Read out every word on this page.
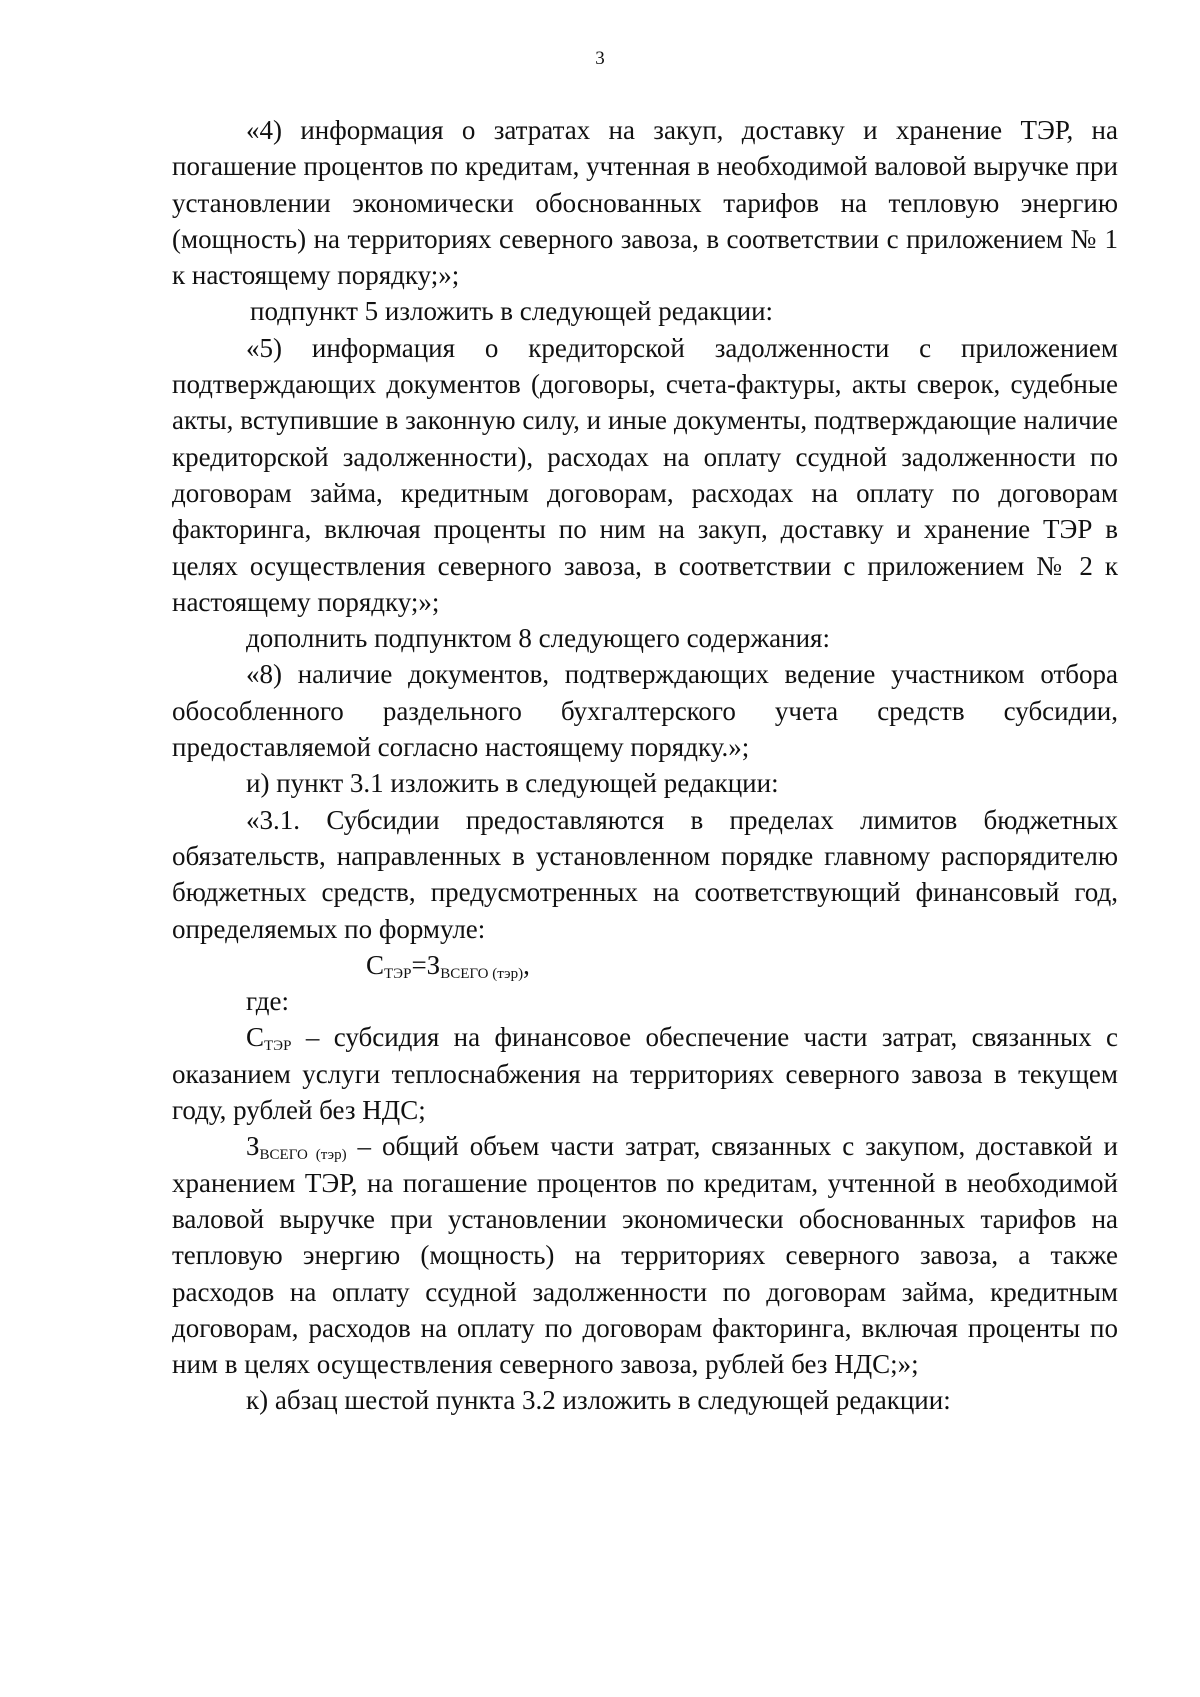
3

«4) информация о затратах на закуп, доставку и хранение ТЭР, на погашение процентов по кредитам, учтенная в необходимой валовой выручке при установлении экономически обоснованных тарифов на тепловую энергию (мощность) на территориях северного завоза, в соответствии с приложением № 1 к настоящему порядку;»;

подпункт 5 изложить в следующей редакции:

«5) информация о кредиторской задолженности с приложением подтверждающих документов (договоры, счета-фактуры, акты сверок, судебные акты, вступившие в законную силу, и иные документы, подтверждающие наличие кредиторской задолженности), расходах на оплату ссудной задолженности по договорам займа, кредитным договорам, расходах на оплату по договорам факторинга, включая проценты по ним на закуп, доставку и хранение ТЭР в целях осуществления северного завоза, в соответствии с приложением № 2 к настоящему порядку;»;

дополнить подпунктом 8 следующего содержания:

«8) наличие документов, подтверждающих ведение участником отбора обособленного раздельного бухгалтерского учета средств субсидии, предоставляемой согласно настоящему порядку.»;

и) пункт 3.1 изложить в следующей редакции:

«3.1. Субсидии предоставляются в пределах лимитов бюджетных обязательств, направленных в установленном порядке главному распорядителю бюджетных средств, предусмотренных на соответствующий финансовый год, определяемых по формуле:

$С_{ТЭР}=З_{ВСЕГО (тэр)}$,

где:

$С_{ТЭР}$ – субсидия на финансовое обеспечение части затрат, связанных с оказанием услуги теплоснабжения на территориях северного завоза в текущем году, рублей без НДС;

$З_{ВСЕГО (тэр)}$ – общий объем части затрат, связанных с закупом, доставкой и хранением ТЭР, на погашение процентов по кредитам, учтенной в необходимой валовой выручке при установлении экономически обоснованных тарифов на тепловую энергию (мощность) на территориях северного завоза, а также расходов на оплату ссудной задолженности по договорам займа, кредитным договорам, расходов на оплату по договорам факторинга, включая проценты по ним в целях осуществления северного завоза, рублей без НДС;»;

к) абзац шестой пункта 3.2 изложить в следующей редакции:
